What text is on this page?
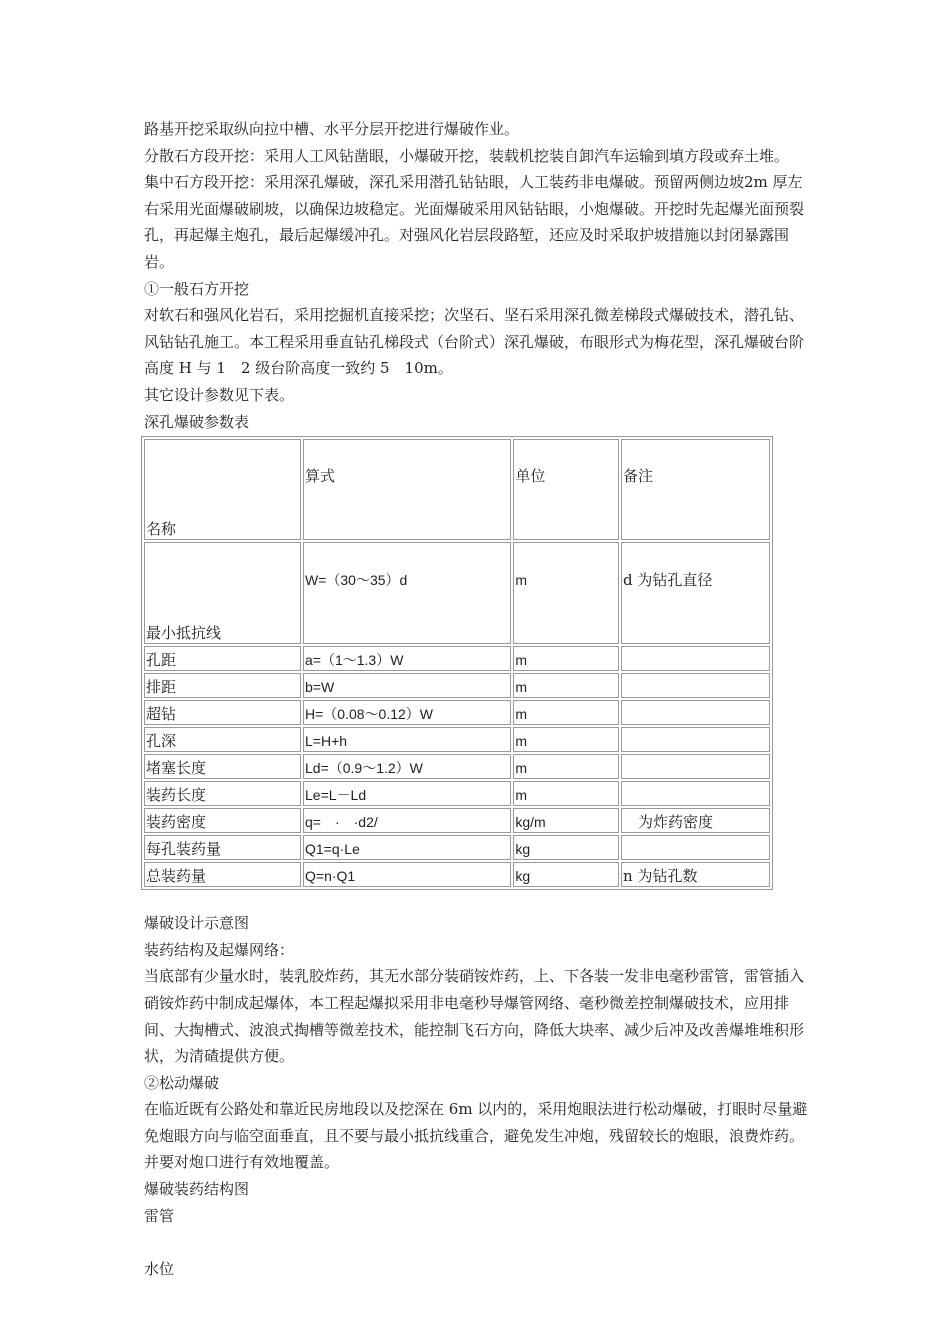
路基开挖采取纵向拉中槽、水平分层开挖进行爆破作业。

分散石方段开挖：采用人工风钻凿眼，小爆破开挖，装载机挖装自卸汽车运输到填方段或弃土堆。

集中石方段开挖：采用深孔爆破，深孔采用潜孔钻钻眼，人工装药非电爆破。预留两侧边坡2m 厚左右采用光面爆破刷坡，以确保边坡稳定。光面爆破采用风钻钻眼，小炮爆破。开挖时先起爆光面预裂孔，再起爆主炮孔，最后起爆缓冲孔。对强风化岩层段路堑，还应及时采取护坡措施以封闭暴露围岩。

①一般石方开挖

对软石和强风化岩石，采用挖掘机直接采挖；次坚石、坚石采用深孔微差梯段式爆破技术，潜孔钻、风钻钻孔施工。本工程采用垂直钻孔梯段式（台阶式）深孔爆破，布眼形式为梅花型，深孔爆破台阶高度 H 与 1　2 级台阶高度一致约 5　10m。

其它设计参数见下表。

深孔爆破参数表

名称	算式	单位	备注
最小抵抗线	W=（30～35）d	m	d 为钻孔直径
孔距	a=（1～1.3）W	m	
排距	b=W	m	
超钻	H=（0.08～0.12）W	m	
孔深	L=H+h	m	
堵塞长度	Ld=（0.9～1.2）W	m	
装药长度	Le=L－Ld	m	
装药密度	q=　·　·d2/	kg/m	　为炸药密度
每孔装药量	Q1=q·Le	kg	
总装药量	Q=n·Q1	kg	n 为钻孔数

爆破设计示意图

装药结构及起爆网络：

当底部有少量水时，装乳胶炸药，其无水部分装硝铵炸药，上、下各装一发非电毫秒雷管，雷管插入硝铵炸药中制成起爆体，本工程起爆拟采用非电毫秒导爆管网络、毫秒微差控制爆破技术，应用排间、大掏槽式、波浪式掏槽等微差技术，能控制飞石方向，降低大块率、减少后冲及改善爆堆堆积形状，为清碴提供方便。

②松动爆破

在临近既有公路处和靠近民房地段以及挖深在 6m 以内的，采用炮眼法进行松动爆破，打眼时尽量避免炮眼方向与临空面垂直，且不要与最小抵抗线重合，避免发生冲炮，残留较长的炮眼，浪费炸药。并要对炮口进行有效地覆盖。

爆破装药结构图

雷管

水位
